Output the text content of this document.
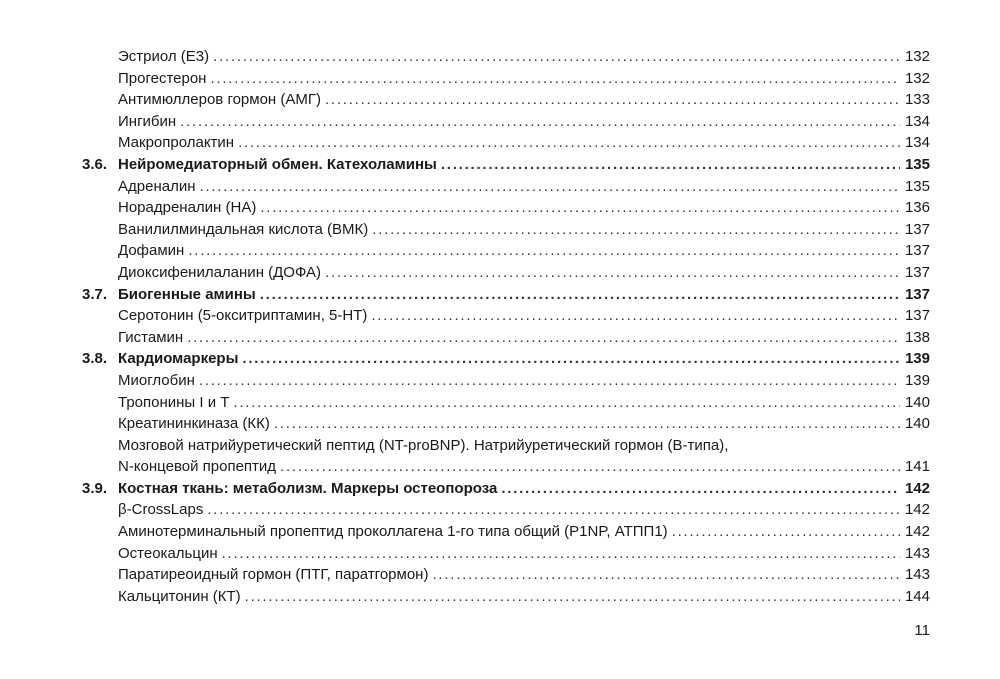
Эстриол (Е3) . . .	132
Прогестерон . . .	132
Антимюллеров гормон (АМГ) . . .	133
Ингибин . . .	134
Макропролактин . . .	134
3.6. Нейромедиаторный обмен. Катехоламины . . .	135
Адреналин . . .	135
Норадреналин (НА) . . .	136
Ванилилминдальная кислота (ВМК) . . .	137
Дофамин . . .	137
Диоксифенилаланин (ДОФА) . . .	137
3.7. Биогенные амины . . .	137
Серотонин (5-окситриптамин, 5-НТ) . . .	137
Гистамин . . .	138
3.8. Кардиомаркеры . . .	139
Миоглобин . . .	139
Тропонины I и T . . .	140
Креатининкиназа (КК) . . .	140
Мозговой натрийуретический пептид (NT-proBNP). Натрийуретический гормон (В-типа),
N-концевой пропептид . . .	141
3.9. Костная ткань: метаболизм. Маркеры остеопороза . . .	142
β-CrossLaps . . .	142
Аминотерминальный пропептид проколлагена 1-го типа общий (P1NP, АТПП1) . . .	142
Остеокальцин . . .	143
Паратиреоидный гормон (ПТГ, паратгормон) . . .	143
Кальцитонин (КТ) . . .	144
11
